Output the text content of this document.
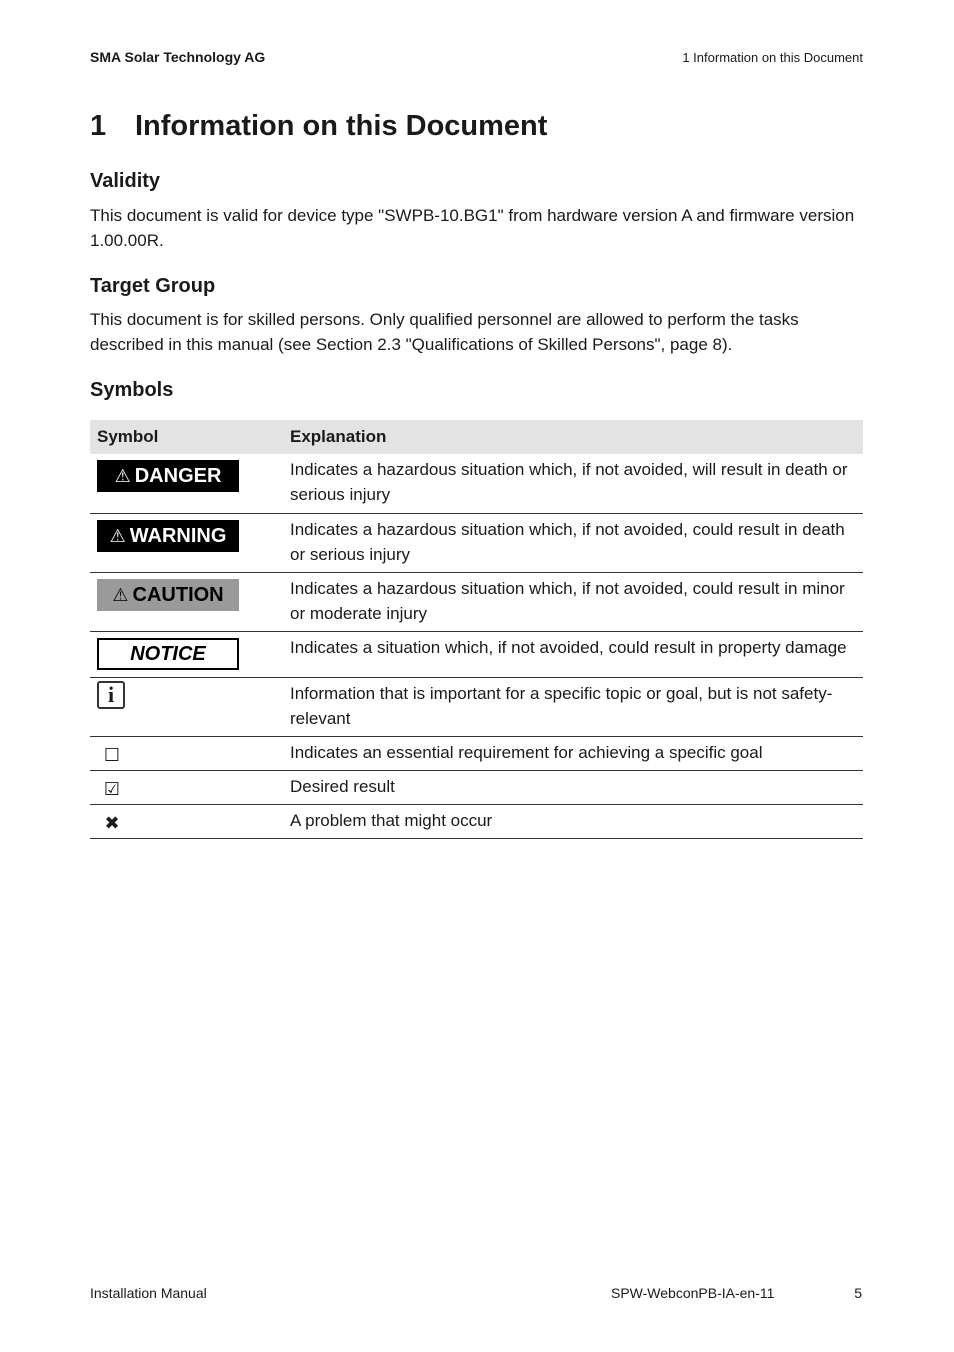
SMA Solar Technology AG	1 Information on this Document
1 Information on this Document
Validity
This document is valid for device type "SWPB-10.BG1" from hardware version A and firmware version 1.00.00R.
Target Group
This document is for skilled persons. Only qualified personnel are allowed to perform the tasks described in this manual (see Section 2.3 "Qualifications of Skilled Persons", page 8).
Symbols
Symbol	Explanation
⚠ DANGER	Indicates a hazardous situation which, if not avoided, will result in death or serious injury
⚠ WARNING	Indicates a hazardous situation which, if not avoided, could result in death or serious injury
⚠ CAUTION	Indicates a hazardous situation which, if not avoided, could result in minor or moderate injury
NOTICE	Indicates a situation which, if not avoided, could result in property damage
i	Information that is important for a specific topic or goal, but is not safety-relevant
☐	Indicates an essential requirement for achieving a specific goal
☑	Desired result
✖	A problem that might occur
Installation Manual	SPW-WebconPB-IA-en-11	5
